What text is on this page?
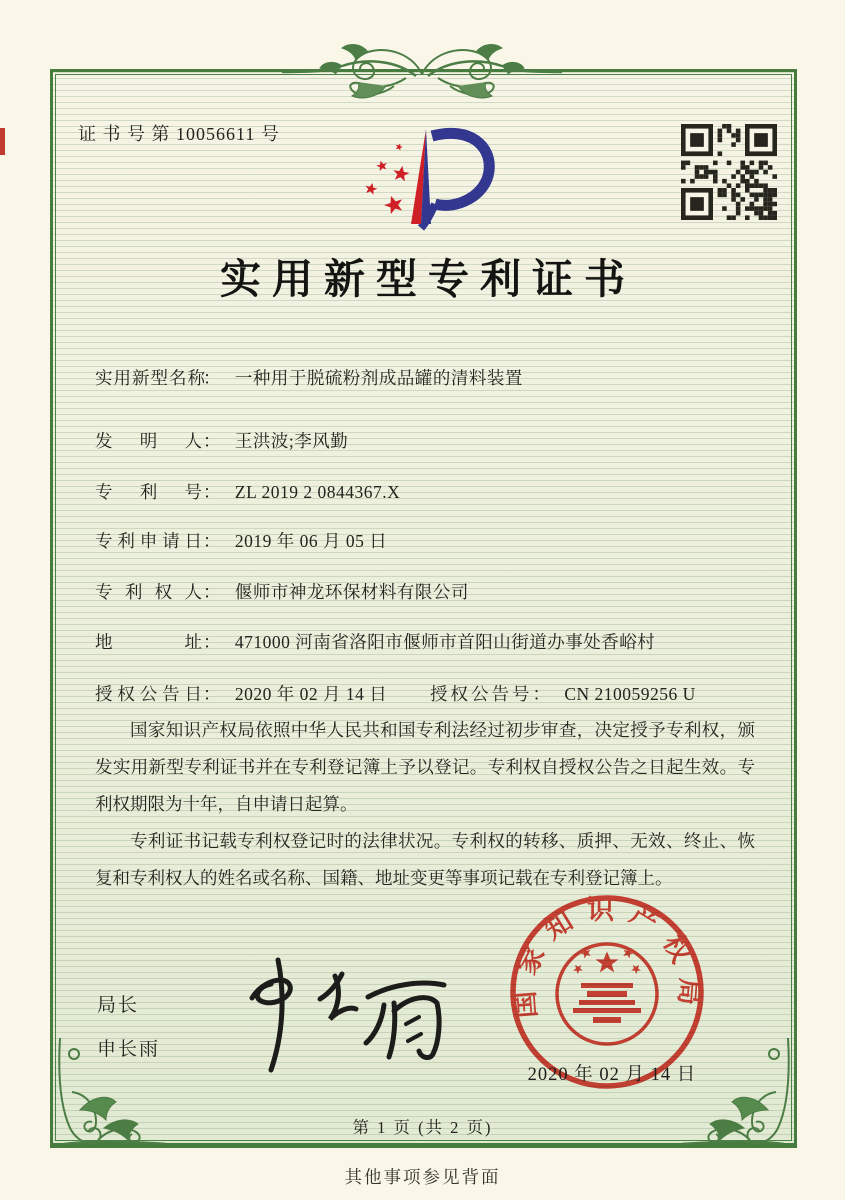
证 书 号 第 10056611 号
实用新型专利证书
实用新型名称： 一种用于脱硫粉剂成品罐的清料装置
发明人： 王洪波;李风勤
专利号： ZL 2019 2 0844367.X
专利申请日： 2019 年 06 月 05 日
专利权人： 偃师市神龙环保材料有限公司
地址： 471000 河南省洛阳市偃师市首阳山街道办事处香峪村
授权公告日： 2020 年 02 月 14 日 授权公告号： CN 210059256 U

国家知识产权局依照中华人民共和国专利法经过初步审查，决定授予专利权，颁发实用新型专利证书并在专利登记簿上予以登记。专利权自授权公告之日起生效。专利权期限为十年，自申请日起算。

专利证书记载专利权登记时的法律状况。专利权的转移、质押、无效、终止、恢复和专利权人的姓名或名称、国籍、地址变更等事项记载在专利登记簿上。

局长
申长雨
国家知识产权局
2020 年 02 月 14 日
第 1 页 (共 2 页)
其他事项参见背面
